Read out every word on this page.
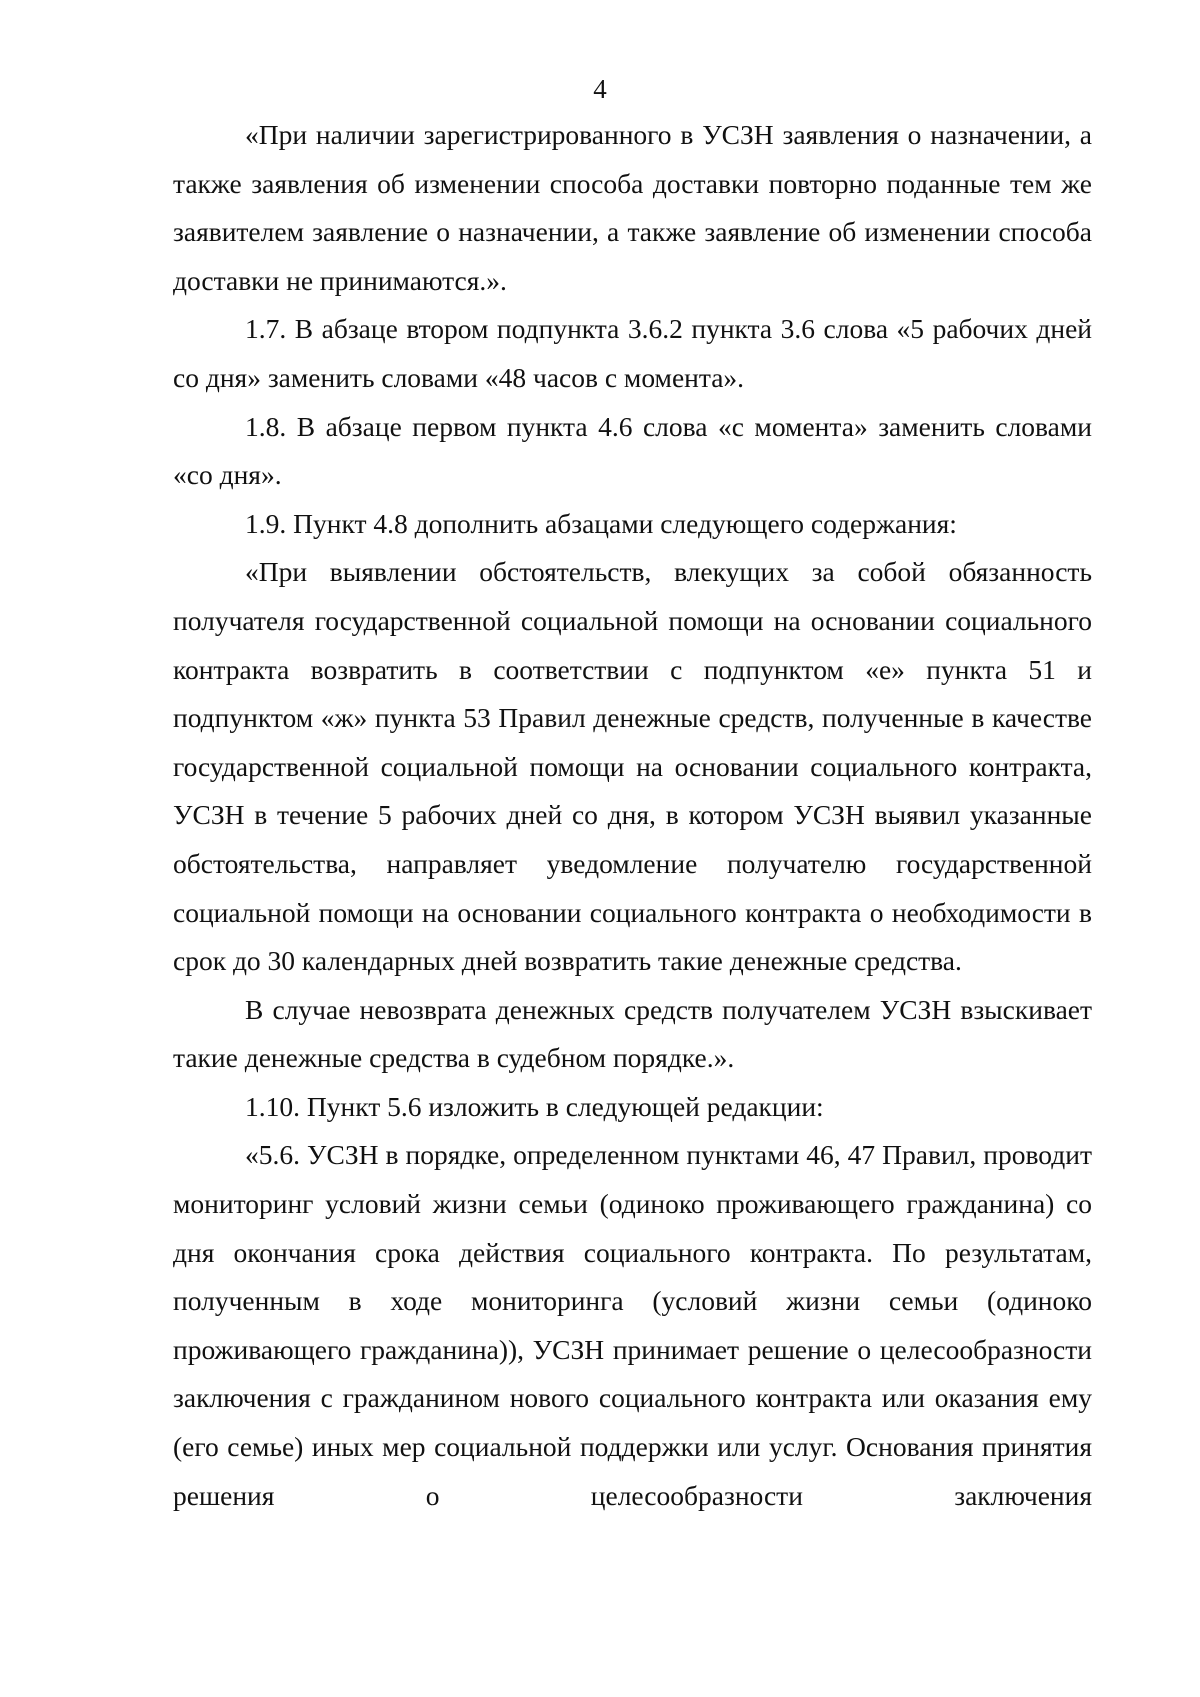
4

«При наличии зарегистрированного в УСЗН заявления о назначении, а также заявления об изменении способа доставки повторно поданные тем же заявителем заявление о назначении, а также заявление об изменении способа доставки не принимаются.».

1.7. В абзаце втором подпункта 3.6.2 пункта 3.6 слова «5 рабочих дней со дня» заменить словами «48 часов с момента».

1.8. В абзаце первом пункта 4.6 слова «с момента» заменить словами «со дня».

1.9. Пункт 4.8 дополнить абзацами следующего содержания:

«При выявлении обстоятельств, влекущих за собой обязанность получателя государственной социальной помощи на основании социального контракта возвратить в соответствии с подпунктом «е» пункта 51 и подпунктом «ж» пункта 53 Правил денежные средств, полученные в качестве государственной социальной помощи на основании социального контракта, УСЗН в течение 5 рабочих дней со дня, в котором УСЗН выявил указанные обстоятельства, направляет уведомление получателю государственной социальной помощи на основании социального контракта о необходимости в срок до 30 календарных дней возвратить такие денежные средства.

В случае невозврата денежных средств получателем УСЗН взыскивает такие денежные средства в судебном порядке.».

1.10. Пункт 5.6 изложить в следующей редакции:

«5.6. УСЗН в порядке, определенном пунктами 46, 47 Правил, проводит мониторинг условий жизни семьи (одиноко проживающего гражданина) со дня окончания срока действия социального контракта. По результатам, полученным в ходе мониторинга (условий жизни семьи (одиноко проживающего гражданина)), УСЗН принимает решение о целесообразности заключения с гражданином нового социального контракта или оказания ему (его семье) иных мер социальной поддержки или услуг. Основания принятия решения о целесообразности заключения
